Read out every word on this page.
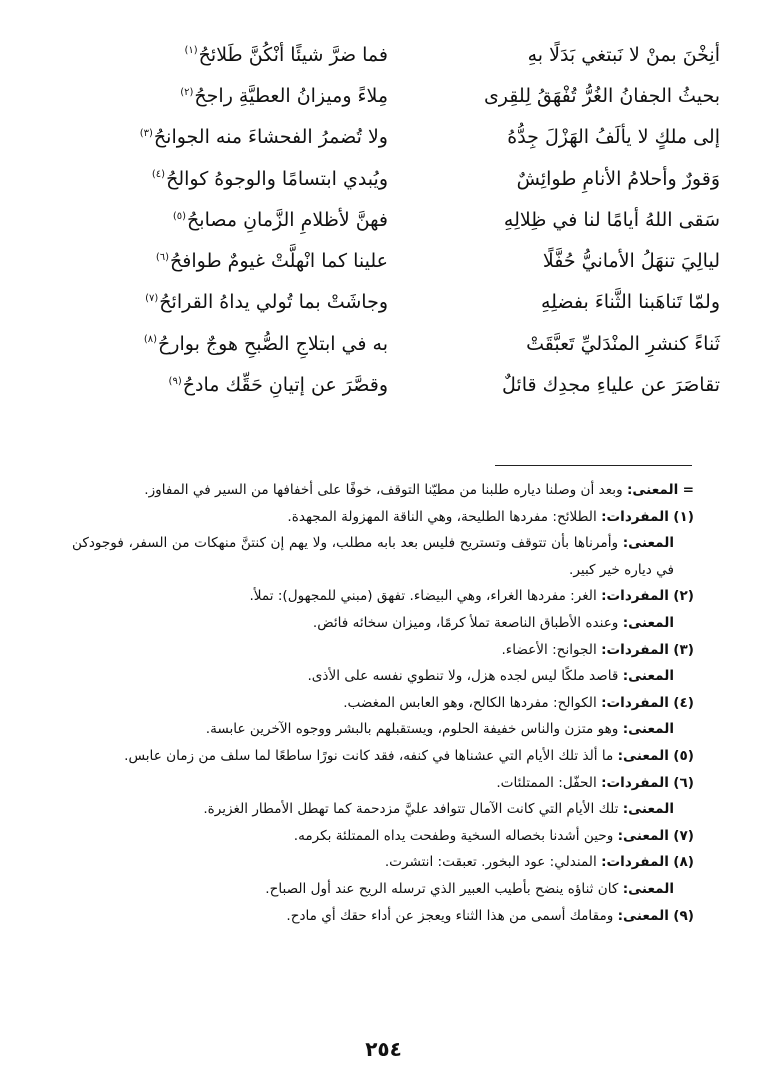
أنِخْنَ بمنْ لا نَبتغي بَدَلًا بهِ
فما ضرَّ شيئًا أنْكُنَّ طَلائحُ$^{(١)}$
بحيثُ الجفانُ الغُرُّ تُفْهَقُ لِلقِرى
مِلاءً وميزانُ العطيَّةِ راجحُ$^{(٢)}$
إلى ملكٍ لا يألَفُ الهَزْلَ جِدُّهُ
ولا تُضمرُ الفحشاءَ منه الجوانحُ$^{(٣)}$
وَقورٌ وأحلامُ الأنامِ طوائِشٌ
ويُبدي ابتسامًا والوجوهُ كوالحُ$^{(٤)}$
سَقى اللهُ أيامًا لنا في ظِلالِهِ
فهنَّ لأظلامِ الزَّمانِ مصابحُ$^{(٥)}$
ليالِيَ تنهَلُ الأمانيُّ حُفَّلًا
علينا كما انْهلَّتْ غيومٌ طوافحُ$^{(٦)}$
ولمّا تَناهَبنا الثَّناءَ بفضلِهِ
وجاشَتْ بما تُولي يداهُ القرائحُ$^{(٧)}$
ثَناءً كنشرِ المنْدَليِّ تَعبَّقَتْ
به في ابتلاجِ الصُّبحِ هوجٌ بوارحُ$^{(٨)}$
تقاصَرَ عن علياءِ مجدِك قائلٌ
وقصَّرَ عن إتيانِ حَقِّك مادحُ$^{(٩)}$
= المعنى: وبعد أن وصلنا دياره طلبنا من مطيّنا التوقف، خوفًا على أخفافها من السير في المفاوز.
(١) المفردات: الطلائح: مفردها الطليحة، وهي الناقة المهزولة المجهدة.
المعنى: وأمرناها بأن تتوقف وتستريح فليس بعد بابه مطلب، ولا يهم إن كنتنَّ منهكات من السفر، فوجودكن في دياره خير كبير.
(٢) المفردات: الغر: مفردها الغراء، وهي البيضاء. تفهق (مبني للمجهول): تملأ.
المعنى: وعنده الأطباق الناصعة تملأ كرمًا، وميزان سخائه فائض.
(٣) المفردات: الجوانح: الأعضاء.
المعنى: قاصد ملكًا ليس لجده هزل، ولا تنطوي نفسه على الأذى.
(٤) المفردات: الكوالح: مفردها الكالح، وهو العابس المغضب.
المعنى: وهو متزن والناس خفيفة الحلوم، ويستقبلهم بالبشر ووجوه الآخرين عابسة.
(٥) المعنى: ما ألذ تلك الأيام التي عشناها في كنفه، فقد كانت نورًا ساطعًا لما سلف من زمان عابس.
(٦) المفردات: الحفّل: الممتلئات.
المعنى: تلك الأيام التي كانت الآمال تتوافد عليَّ مزدحمة كما تهطل الأمطار الغزيرة.
(٧) المعنى: وحين أشدنا بخصاله السخية وطفحت يداه الممتلئة بكرمه.
(٨) المفردات: المندلي: عود البخور. تعبقت: انتشرت.
المعنى: كان ثناؤه ينضح بأطيب العبير الذي ترسله الريح عند أول الصباح.
(٩) المعنى: ومقامك أسمى من هذا الثناء ويعجز عن أداء حقك أي مادح.
٢٥٤
